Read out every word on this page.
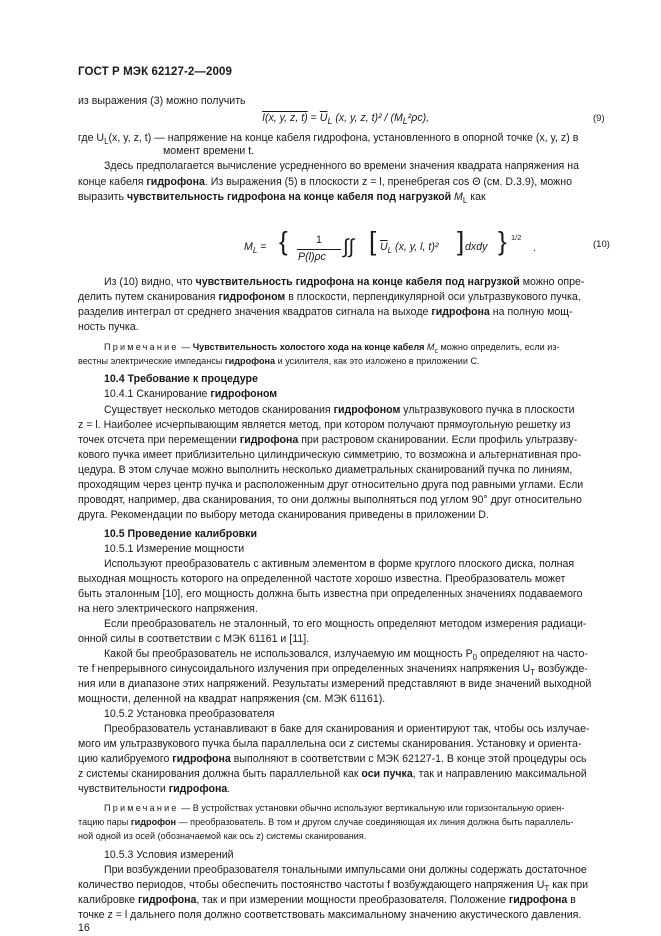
ГОСТ Р МЭК 62127-2—2009
из выражения (3) можно получить
I(x, y, z, $t) = \overline{U}_L$ (x, y, z, $t)^2 / (M_L^2\rho c)$,	(9)
где $U_L(x$, y, z, t) — напряжение на конце кабеля гидрофона, установленного в опорной точке (x, y, z) в
момент времени t.
Здесь предполагается вычисление усредненного во времени значения квадрата напряжения на
конце кабеля гидрофона. Из выражения (5) в плоскости z = l, пренебрегая cos Θ (см. D.3.9), можно
выразить чувствительность гидрофона на конце кабеля под нагрузкой $M_L$ как
$M_L$ = {	1
P(l)ρc ∫∫ [ $\overline{U}_L$ (x, y, l, t)² ] dxdy } 1/2
.	(10)
Из (10) видно, что чувствительность гидрофона на конце кабеля под нагрузкой можно опре-
делить путем сканирования гидрофоном в плоскости, перпендикулярной оси ультразвукового пучка,
разделив интеграл от среднего значения квадратов сигнала на выходе гидрофона на полную мощ-
ность пучка.
Примечание — Чувствительность холостого хода на конце кабеля $M_c$ можно определить, если из-
вестны электрические импедансы гидрофона и усилителя, как это изложено в приложении С.
10.4 Требование к процедуре
10.4.1 Сканирование гидрофоном
Существует несколько методов сканирования гидрофоном ультразвукового пучка в плоскости
z = l. Наиболее исчерпывающим является метод, при котором получают прямоугольную решетку из
точек отсчета при перемещении гидрофона при растровом сканировании. Если профиль ультразву-
кового пучка имеет приблизительно цилиндрическую симметрию, то возможна и альтернативная про-
цедура. В этом случае можно выполнить несколько диаметральных сканирований пучка по линиям,
проходящим через центр пучка и расположенным друг относительно друга под равными углами. Если
проводят, например, два сканирования, то они должны выполняться под углом 90° друг относительно
друга. Рекомендации по выбору метода сканирования приведены в приложении D.
10.5 Проведение калибровки
10.5.1 Измерение мощности
Используют преобразователь с активным элементом в форме круглого плоского диска, полная
выходная мощность которого на определенной частоте хорошо известна. Преобразователь может
быть эталонным [10], его мощность должна быть известна при определенных значениях подаваемого
на него электрического напряжения.
Если преобразователь не эталонный, то его мощность определяют методом измерения радиаци-
онной силы в соответствии с МЭК 61161 и [11].
Какой бы преобразователь не использовался, излучаемую им мощность $P_0$ определяют на часто-
те f непрерывного синусоидального излучения при определенных значениях напряжения $U_T$ возбужде-
ния или в диапазоне этих напряжений. Результаты измерений представляют в виде значений выходной
мощности, деленной на квадрат напряжения (см. МЭК 61161).
10.5.2 Установка преобразователя
Преобразователь устанавливают в баке для сканирования и ориентируют так, чтобы ось излучае-
мого им ультразвукового пучка была параллельна оси z системы сканирования. Установку и ориента-
цию калибруемого гидрофона выполняют в соответствии с МЭК 62127-1. В конце этой процедуры ось
z системы сканирования должна быть параллельной как оси пучка, так и направлению максимальной
чувствительности гидрофона.
Примечание — В устройствах установки обычно используют вертикальную или горизонтальную ориен-
тацию пары гидрофон — преобразователь. В том и другом случае соединяющая их линия должна быть параллель-
ной одной из осей (обозначаемой как ось z) системы сканирования.
10.5.3 Условия измерений
При возбуждении преобразователя тональными импульсами они должны содержать достаточное
количество периодов, чтобы обеспечить постоянство частоты f возбуждающего напряжения $U_T$ как при
калибровке гидрофона, так и при измерении мощности преобразователя. Положение гидрофона в
точке z = l дальнего поля должно соответствовать максимальному значению акустического давления.
16
